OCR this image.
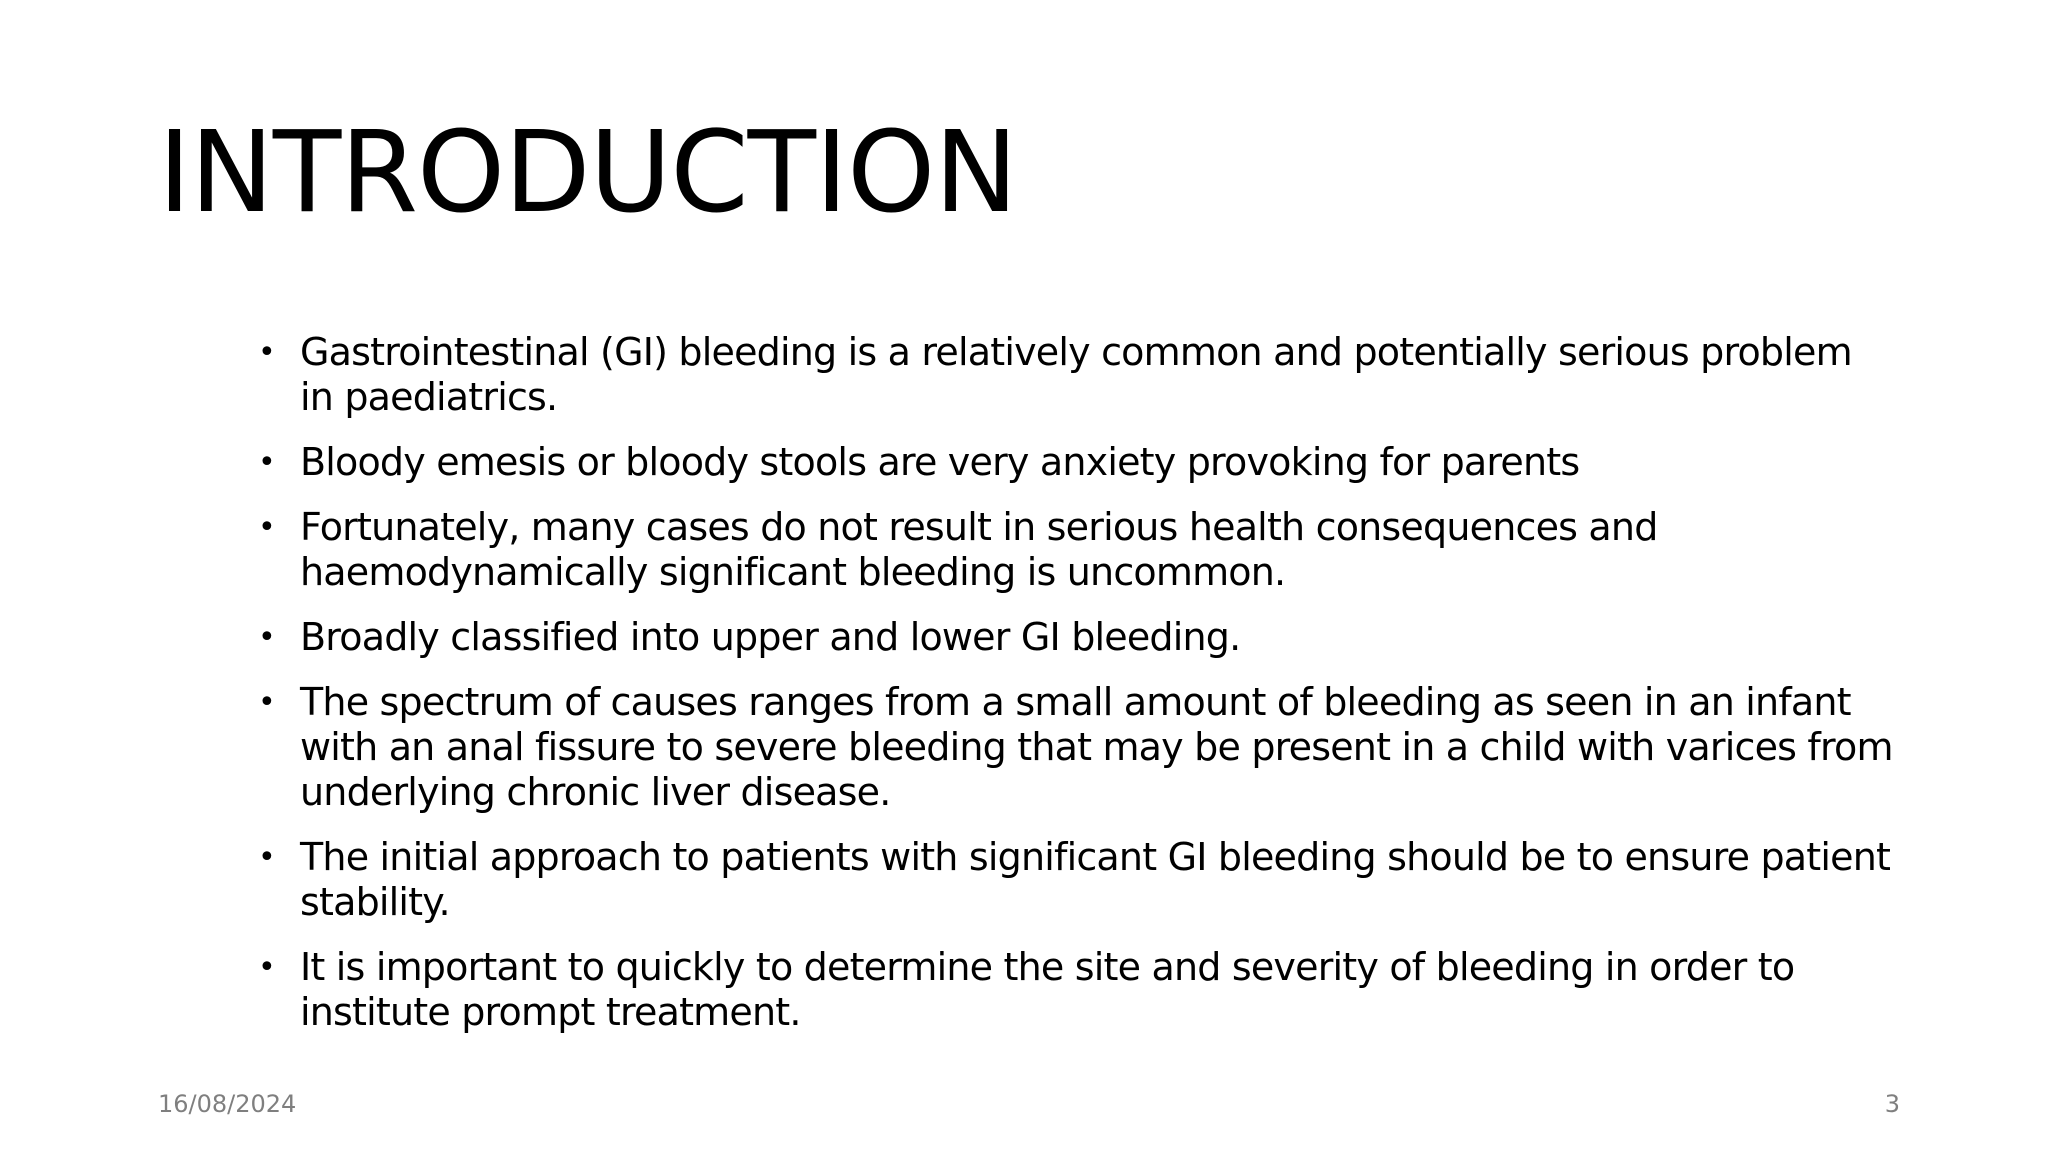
INTRODUCTION
• Gastrointestinal (GI) bleeding is a relatively common and potentially serious problem in paediatrics.
• Bloody emesis or bloody stools are very anxiety provoking for parents
• Fortunately, many cases do not result in serious health consequences and haemodynamically significant bleeding is uncommon.
• Broadly classified into upper and lower GI bleeding.
• The spectrum of causes ranges from a small amount of bleeding as seen in an infant with an anal fissure to severe bleeding that may be present in a child with varices from underlying chronic liver disease.
• The initial approach to patients with significant GI bleeding should be to ensure patient stability.
• It is important to quickly to determine the site and severity of bleeding in order to institute prompt treatment.
16/08/2024	3
